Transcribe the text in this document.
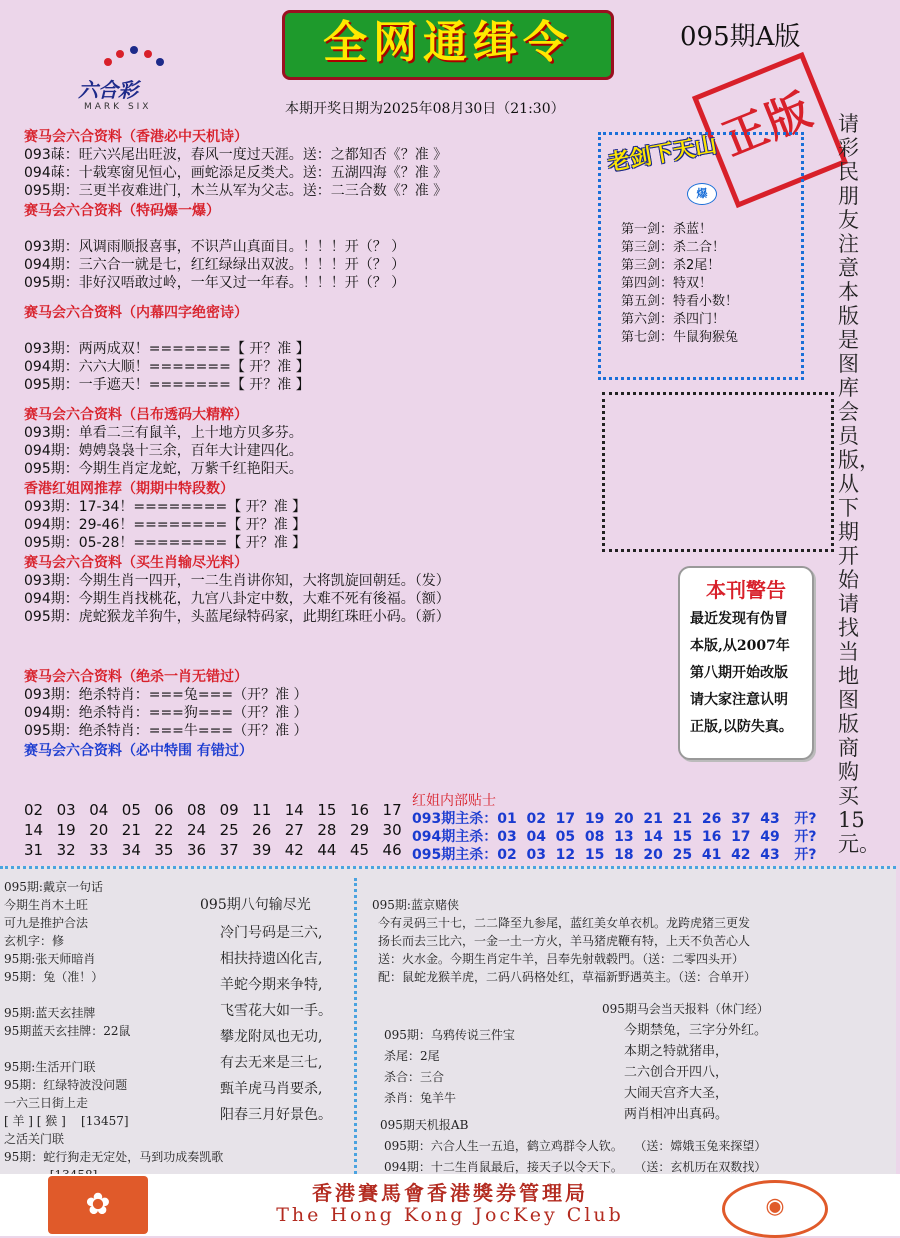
全网通缉令	095期A版
六合彩
MARK SIX	本期开奖日期为2025年08月30日（21:30）	正版 请彩民朋友注意本版是图库会员版，从下期开始请找当地图版商购买15元。
赛马会六合资料（香港必中天机诗）
093菋：旺六兴尾出旺波，春风一度过天涯。送：之都知否《？准 》
094菋：十载寒窗见恒心，画蛇添足反类犬。送：五湖四海《？准 》
095期：三更半夜难进门，木兰从军为父志。送：二三合数《？准 》
赛马会六合资料（特码爆一爆）

093期：风调雨顺报喜事，不识芦山真面目。！！！开（？ ）
094期：三六合一就是七，红红绿绿出双波。！！！开（？ ）
095期：非好汉唔敢过岭，一年又过一年春。！！！开（？ ）
赛马会六合资料（内幕四字绝密诗）

093期：两两成双！=======【 开？准 】
094期：六六大顺！=======【 开？准 】
095期：一手遮天！=======【 开？准 】
赛马会六合资料（吕布透码大精粹）
093期：单看二三有鼠羊，上十地方贝多芬。
094期：娉娉袅袅十三余，百年大计建四化。
095期：今期生肖定龙蛇，万紫千红艳阳天。
香港红姐网推荐（期期中特段数）
093期：17-34！========【 开？准 】
094期：29-46！========【 开？准 】
095期：05-28！========【 开？准 】
赛马会六合资料（买生肖输尽光料）
093期：今期生肖一四开，一二生肖讲你知，大将凯旋回朝廷。（发）
094期：今期生肖找桃花，九宫八卦定中数，大难不死有後福。（额）
095期：虎蛇猴龙羊狗牛，头蓝尾绿特码家，此期红珠旺小码。（新）
赛马会六合资料（绝杀一肖无错过）
093期：绝杀特肖：===兔===（开？准 ）
094期：绝杀特肖：===狗===（开？准 ）
095期：绝杀特肖：===牛===（开？准 ）
赛马会六合资料（必中特围 有错过）
老剑下天山
爆
第一剑：杀蓝！
第三剑：杀二合！
第三剑：杀2尾！
第四剑：特双！
第五剑：特看小数！
第六剑：杀四门！
第七剑：牛鼠狗猴兔
本刊警告
最近发现有伪冒
本版,从2007年
第八期开始改版
请大家注意认明
正版,以防失真。
02 03 04 05 06 08 09 11 14 15 16 17
14 19 20 21 22 24 25 26 27 28 29 30
31 32 33 34 35 36 37 39 42 44 45 46
红姐内部贴士
093期主杀：01  02  17  19  20  21  21  26  37  43   开?
094期主杀：03  04  05  08  13  14  15  16  17  49   开?
095期主杀：02  03  12  15  18  20  25  41  42  43   开?
095期:戴京一句话
今期生肖木土旺
可九是推护合法
玄机字：修
95期:张天师暗肖
95期：兔（准！）

95期:蓝天玄挂牌
95期蓝天玄挂牌：22鼠

95期:生活开门联
95期：红绿特波没问题
一六三日街上走
[ 羊 ] [ 猴 ]    [13457]
之活关门联
95期：蛇行狗走无定处，马到功成奏凯歌
095期八句输尽光
冷门号码是三六,
相扶持遗凶化吉,
羊蛇今期来争特,
飞雪花大如一手。
攀龙附凤也无功,
有去无来是三七,
甄羊虎马肖要杀,
阳春三月好景色。
095期:蓝京赌侠
今有灵码三十七，二二降至九参尾，蓝红美女单衣机。龙跨虎猪三更发
扬长而去三比六，一金一土一方火，羊马猪虎鞭有特，上天不负苦心人
送：火水金。今期生肖定牛羊，吕奉先射戟毂門。（送：二零四头开）
配：鼠蛇龙猴羊虎，二码八码格处红，草福新野遇英主。（送：合单开）
095期马会当天报料（休门经）
今期禁兔，三字分外红。
本期之特就猪串，
二六创合开四八，
大闹天宫齐大圣，
两肖相冲出真码。
095期：乌鸦传说三件宝
杀尾：2尾
杀合：三合
杀肖：兔羊牛
095期天机报AB
095期：六合人生一五追，鹤立鸡群令人钦。   （送：嫦娥玉兔来探望）
094期：十二生肖鼠最后，接天子以令天下。   （送：玄机历在双数找）
✿	◉
香港賽馬會香港獎券管理局
The Hong Kong JocKey Club
